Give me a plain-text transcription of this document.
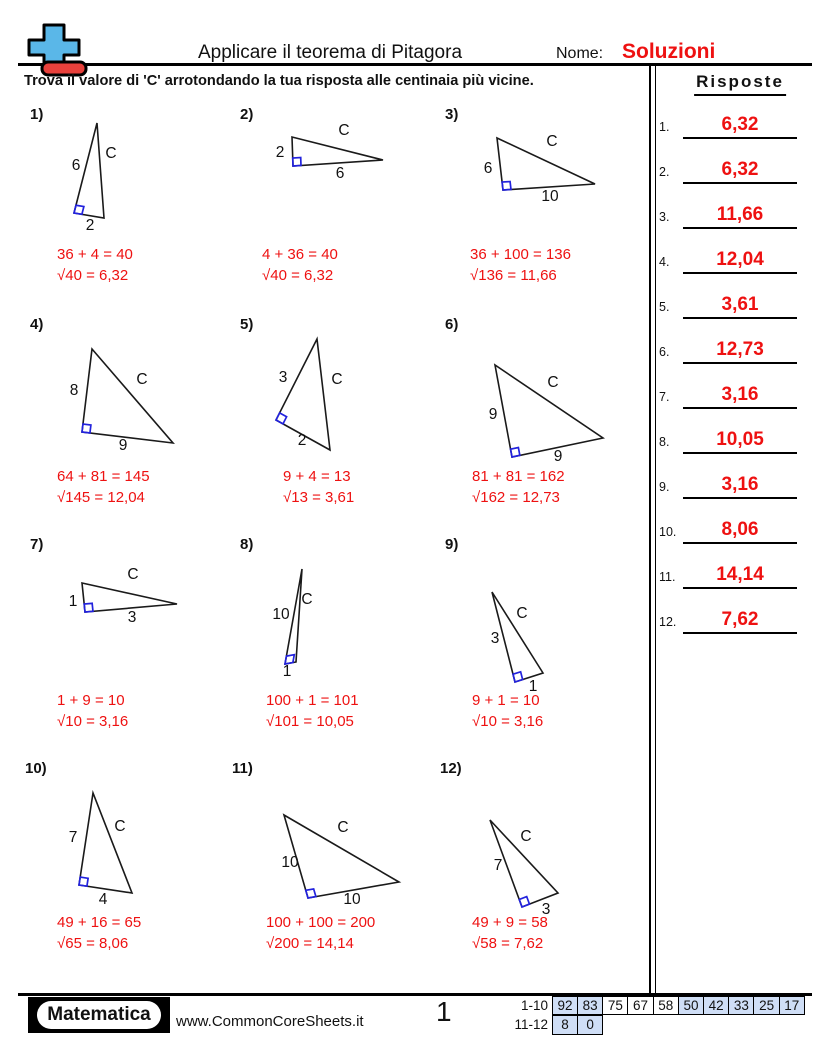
Applicare il teorema di Pitagora	Nome: Soluzioni
Trova il valore di 'C' arrotondando la tua risposta alle centinaia più vicine.	Risposte
1)
6
C
2
36 + 4 = 40
√40 = 6,32
2)
2
C
6
4 + 36 = 40
√40 = 6,32
3)
6
C
10
36 + 100 = 136
√136 = 11,66
4)
8
C
9
64 + 81 = 145
√145 = 12,04
5)
3	C
2
9 + 4 = 13
√13 = 3,61
6)
9
C
9
81 + 81 = 162
√162 = 12,73
7)
1
C
3
1 + 9 = 10
√10 = 3,16
8)
10
C
1
100 + 1 = 101
√101 = 10,05
9)
3
C
1
9 + 1 = 10
√10 = 3,16
10)
7
C
4
49 + 16 = 65
√65 = 8,06
11)
10
C
10
100 + 100 = 200
√200 = 14,14
12)
7
C
3
49 + 9 = 58
√58 = 7,62
1.	6,32
2.	6,32
3.	11,66
4.	12,04
5.	3,61
6.	12,73
7.	3,16
8.	10,05
9.	3,16
10.	8,06
11.	14,14
12.	7,62
Matematica	www.CommonCoreSheets.it	1	1-10 92 83 75 67 58 50 42 33 25 17
11-12 8	0
